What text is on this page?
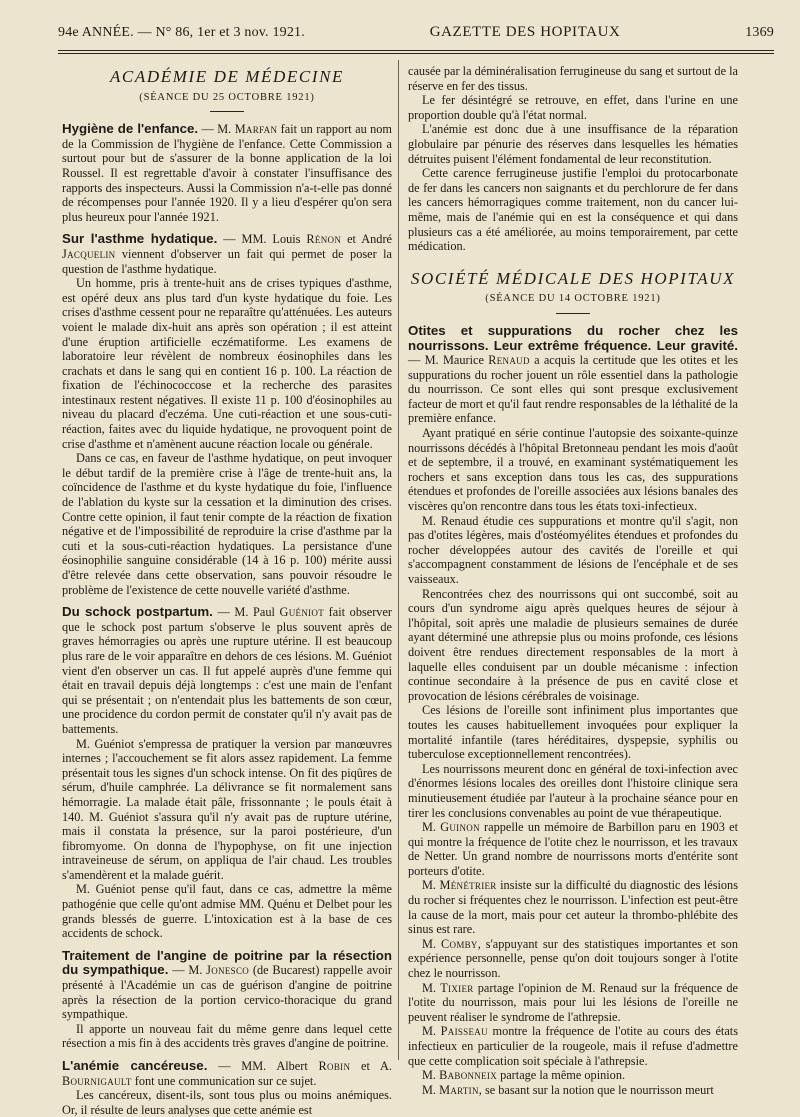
94e ANNÉE. — N° 86, 1er et 3 nov. 1921.	GAZETTE DES HOPITAUX	1369
ACADÉMIE DE MÉDECINE
(SÉANCE DU 25 OCTOBRE 1921)

Hygiène de l'enfance. — M. Marfan fait un rapport au nom de la Commission de l'hygiène de l'enfance. Cette Commission a surtout pour but de s'assurer de la bonne application de la loi Roussel. Il est regrettable d'avoir à constater l'insuffisance des rapports des inspecteurs. Aussi la Commission n'a-t-elle pas donné de récompenses pour l'année 1920. Il y a lieu d'espérer qu'on sera plus heureux pour l'année 1921.

Sur l'asthme hydatique. — MM. Louis Rénon et André Jacquelin viennent d'observer un fait qui permet de poser la question de l'asthme hydatique.

Un homme, pris à trente-huit ans de crises typiques d'asthme, est opéré deux ans plus tard d'un kyste hydatique du foie. Les crises d'asthme cessent pour ne reparaître qu'atténuées. Les auteurs voient le malade dix-huit ans après son opération ; il est atteint d'une éruption artificielle eczématiforme. Les examens de laboratoire leur révèlent de nombreux éosinophiles dans les crachats et dans le sang qui en contient 16 p. 100. La réaction de fixation de l'échinococcose et la recherche des parasites intestinaux restent négatives. Il existe 11 p. 100 d'éosinophiles au niveau du placard d'eczéma. Une cuti-réaction et une sous-cuti-réaction, faites avec du liquide hydatique, ne provoquent point de crise d'asthme et n'amènent aucune réaction locale ou générale.

Dans ce cas, en faveur de l'asthme hydatique, on peut invoquer le début tardif de la première crise à l'âge de trente-huit ans, la coïncidence de l'asthme et du kyste hydatique du foie, l'influence de l'ablation du kyste sur la cessation et la diminution des crises. Contre cette opinion, il faut tenir compte de la réaction de fixation négative et de l'impossibilité de reproduire la crise d'asthme par la cuti et la sous-cuti-réaction hydatiques. La persistance d'une éosinophilie sanguine considérable (14 à 16 p. 100) mérite aussi d'être relevée dans cette observation, sans pouvoir résoudre le problème de l'existence de cette nouvelle variété d'asthme.

Du schock postpartum. — M. Paul Guéniot fait observer que le schock post partum s'observe le plus souvent après de graves hémorragies ou après une rupture utérine. Il est beaucoup plus rare de le voir apparaître en dehors de ces lésions. M. Guéniot vient d'en observer un cas. Il fut appelé auprès d'une femme qui était en travail depuis déjà longtemps : c'est une main de l'enfant qui se présentait ; on n'entendait plus les battements de son cœur, une procidence du cordon permit de constater qu'il n'y avait pas de battements.

M. Guéniot s'empressa de pratiquer la version par manœuvres internes ; l'accouchement se fit alors assez rapidement. La femme présentait tous les signes d'un schock intense. On fit des piqûres de sérum, d'huile camphrée. La délivrance se fit normalement sans hémorragie. La malade était pâle, frissonnante ; le pouls était à 140. M. Guéniot s'assura qu'il n'y avait pas de rupture utérine, mais il constata la présence, sur la paroi postérieure, d'un fibromyome. On donna de l'hypophyse, on fit une injection intraveineuse de sérum, on appliqua de l'air chaud. Les troubles s'amendèrent et la malade guérit.

M. Guéniot pense qu'il faut, dans ce cas, admettre la même pathogénie que celle qu'ont admise MM. Quénu et Delbet pour les grands blessés de guerre. L'intoxication est à la base de ces accidents de schock.

Traitement de l'angine de poitrine par la résection du sympathique. — M. Jonesco (de Bucarest) rappelle avoir présenté à l'Académie un cas de guérison d'angine de poitrine après la résection de la portion cervico-thoracique du grand sympathique.

Il apporte un nouveau fait du même genre dans lequel cette résection a mis fin à des accidents très graves d'angine de poitrine.

L'anémie cancéreuse. — MM. Albert Robin et A. Bournigault font une communication sur ce sujet.

Les cancéreux, disent-ils, sont tous plus ou moins anémiques. Or, il résulte de leurs analyses que cette anémie est

causée par la déminéralisation ferrugineuse du sang et surtout de la réserve en fer des tissus.

Le fer désintégré se retrouve, en effet, dans l'urine en une proportion double qu'à l'état normal.

L'anémie est donc due à une insuffisance de la réparation globulaire par pénurie des réserves dans lesquelles les hématies détruites puisent l'élément fondamental de leur reconstitution.

Cette carence ferrugineuse justifie l'emploi du protocarbonate de fer dans les cancers non saignants et du perchlorure de fer dans les cancers hémorragiques comme traitement, non du cancer lui-même, mais de l'anémie qui en est la conséquence et qui dans plusieurs cas a été améliorée, au moins temporairement, par cette médication.

SOCIÉTÉ MÉDICALE DES HOPITAUX
(SÉANCE DU 14 OCTOBRE 1921)

Otites et suppurations du rocher chez les nourrissons. Leur extrême fréquence. Leur gravité. — M. Maurice Renaud a acquis la certitude que les otites et les suppurations du rocher jouent un rôle essentiel dans la pathologie du nourrisson. Ce sont elles qui sont presque exclusivement facteur de mort et qu'il faut rendre responsables de la léthalité de la première enfance.

Ayant pratiqué en série continue l'autopsie des soixante-quinze nourrissons décédés à l'hôpital Bretonneau pendant les mois d'août et de septembre, il a trouvé, en examinant systématiquement les rochers et sans exception dans tous les cas, des suppurations étendues et profondes de l'oreille associées aux lésions banales des viscères qu'on rencontre dans tous les états toxi-infectieux.

M. Renaud étudie ces suppurations et montre qu'il s'agit, non pas d'otites légères, mais d'ostéomyélites étendues et profondes du rocher développées autour des cavités de l'oreille et qui s'accompagnent constamment de lésions de l'encéphale et de ses vaisseaux.

Rencontrées chez des nourrissons qui ont succombé, soit au cours d'un syndrome aigu après quelques heures de séjour à l'hôpital, soit après une maladie de plusieurs semaines de durée ayant déterminé une athrepsie plus ou moins profonde, ces lésions doivent être rendues directement responsables de la mort à laquelle elles conduisent par un double mécanisme : infection continue secondaire à la présence de pus en cavité close et provocation de lésions cérébrales de voisinage.

Ces lésions de l'oreille sont infiniment plus importantes que toutes les causes habituellement invoquées pour expliquer la mortalité infantile (tares héréditaires, dyspepsie, syphilis ou tuberculose exceptionnellement rencontrées).

Les nourrissons meurent donc en général de toxi-infection avec d'énormes lésions locales des oreilles dont l'histoire clinique sera minutieusement étudiée par l'auteur à la prochaine séance pour en tirer les conclusions convenables au point de vue thérapeutique.

M. Guinon rappelle un mémoire de Barbillon paru en 1903 et qui montre la fréquence de l'otite chez le nourrisson, et les travaux de Netter. Un grand nombre de nourrissons morts d'entérite sont porteurs d'otite.

M. Ménétrier insiste sur la difficulté du diagnostic des lésions du rocher si fréquentes chez le nourrisson. L'infection est peut-être la cause de la mort, mais pour cet auteur la thrombo-phlébite des sinus est rare.

M. Comby, s'appuyant sur des statistiques importantes et son expérience personnelle, pense qu'on doit toujours songer à l'otite chez le nourrisson.

M. Tixier partage l'opinion de M. Renaud sur la fréquence de l'otite du nourrisson, mais pour lui les lésions de l'oreille ne peuvent réaliser le syndrome de l'athrepsie.

M. Paisseau montre la fréquence de l'otite au cours des états infectieux en particulier de la rougeole, mais il refuse d'admettre que cette complication soit spéciale à l'athrepsie.

M. Babonneix partage la même opinion.

M. Martin, se basant sur la notion que le nourrisson meurt
